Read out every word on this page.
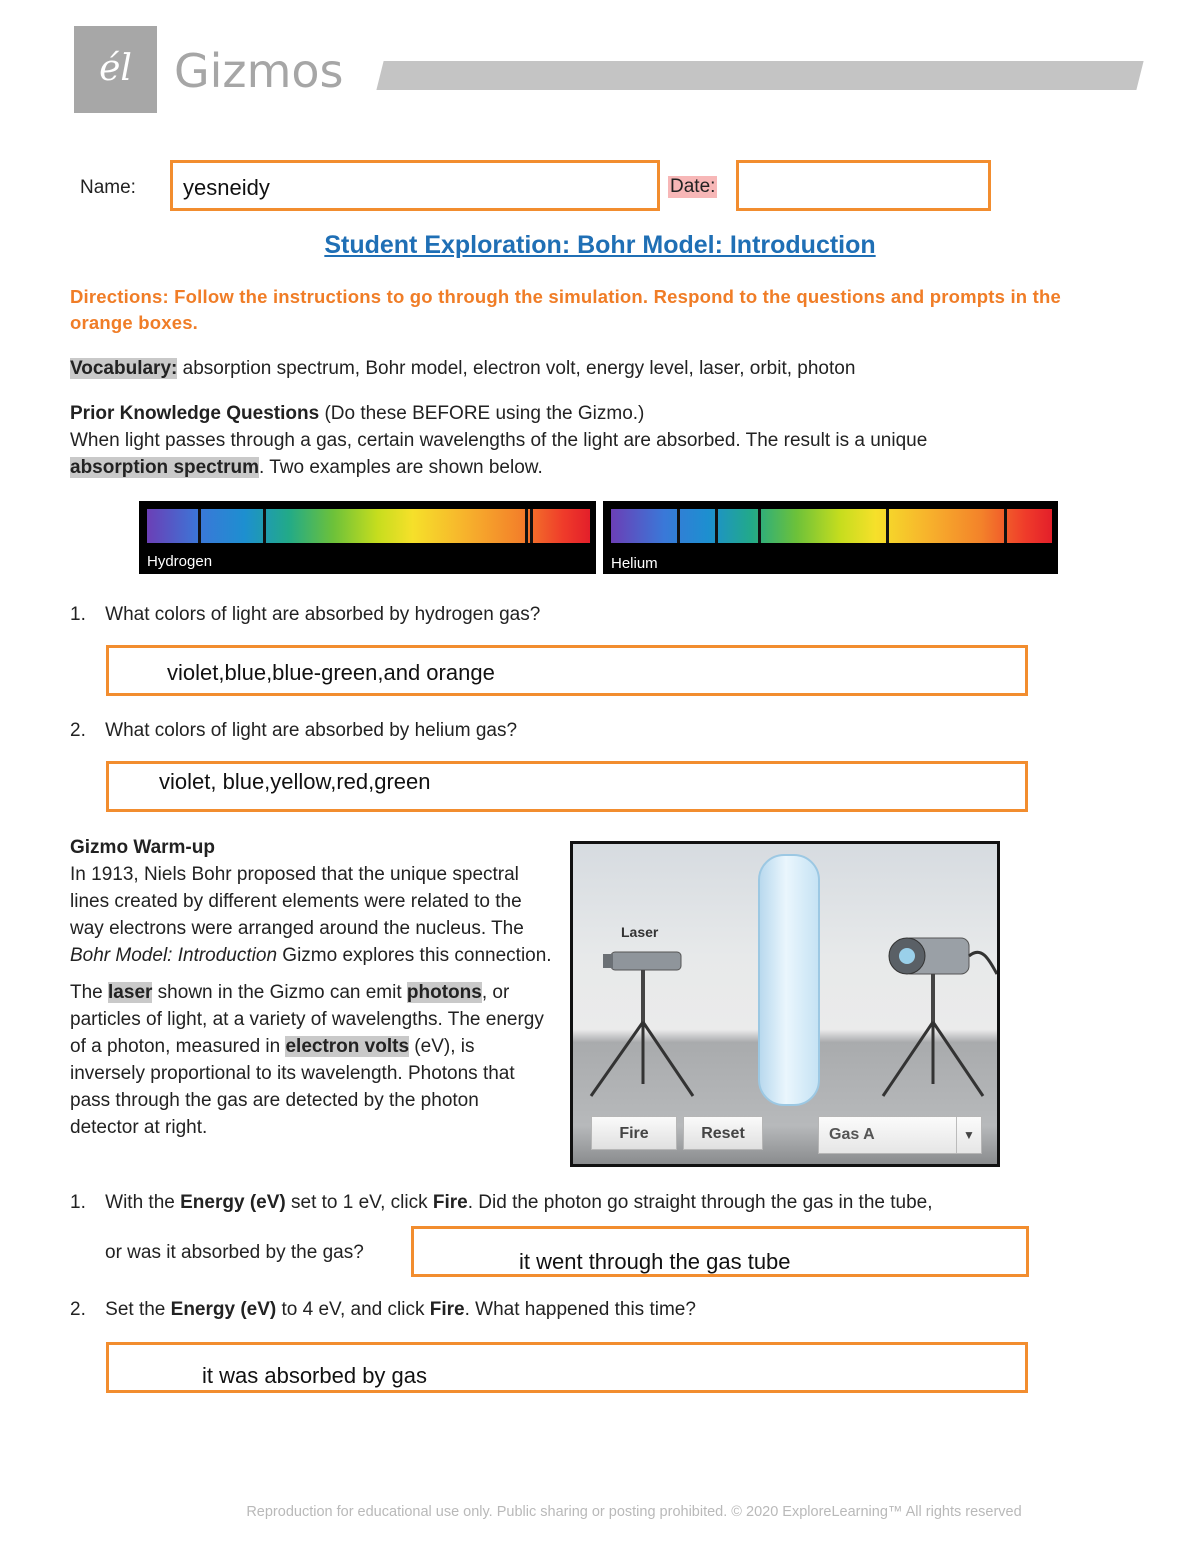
él Gizmos
Name: yesneidy	Date:
Student Exploration: Bohr Model: Introduction
Directions: Follow the instructions to go through the simulation. Respond to the questions and prompts in the orange boxes.
Vocabulary: absorption spectrum, Bohr model, electron volt, energy level, laser, orbit, photon
Prior Knowledge Questions (Do these BEFORE using the Gizmo.)
When light passes through a gas, certain wavelengths of the light are absorbed. The result is a unique
absorption spectrum. Two examples are shown below.
Hydrogen	Helium
1. What colors of light are absorbed by hydrogen gas?
violet,blue,blue-green,and orange
2. What colors of light are absorbed by helium gas?
violet, blue,yellow,red,green
Gizmo Warm-up
In 1913, Niels Bohr proposed that the unique spectral lines created by different elements were related to the way electrons were arranged around the nucleus. The Bohr Model: Introduction Gizmo explores this connection.
The laser shown in the Gizmo can emit photons, or particles of light, at a variety of wavelengths. The energy of a photon, measured in electron volts (eV), is inversely proportional to its wavelength. Photons that pass through the gas are detected by the photon detector at right.
Laser
Fire	Reset	Gas A	▼
1. With the Energy (eV) set to 1 eV, click Fire. Did the photon go straight through the gas in the tube,
or was it absorbed by the gas?	it went through the gas tube
2. Set the Energy (eV) to 4 eV, and click Fire. What happened this time?
it was absorbed by gas
Reproduction for educational use only. Public sharing or posting prohibited. © 2020 ExploreLearning™ All rights reserved
